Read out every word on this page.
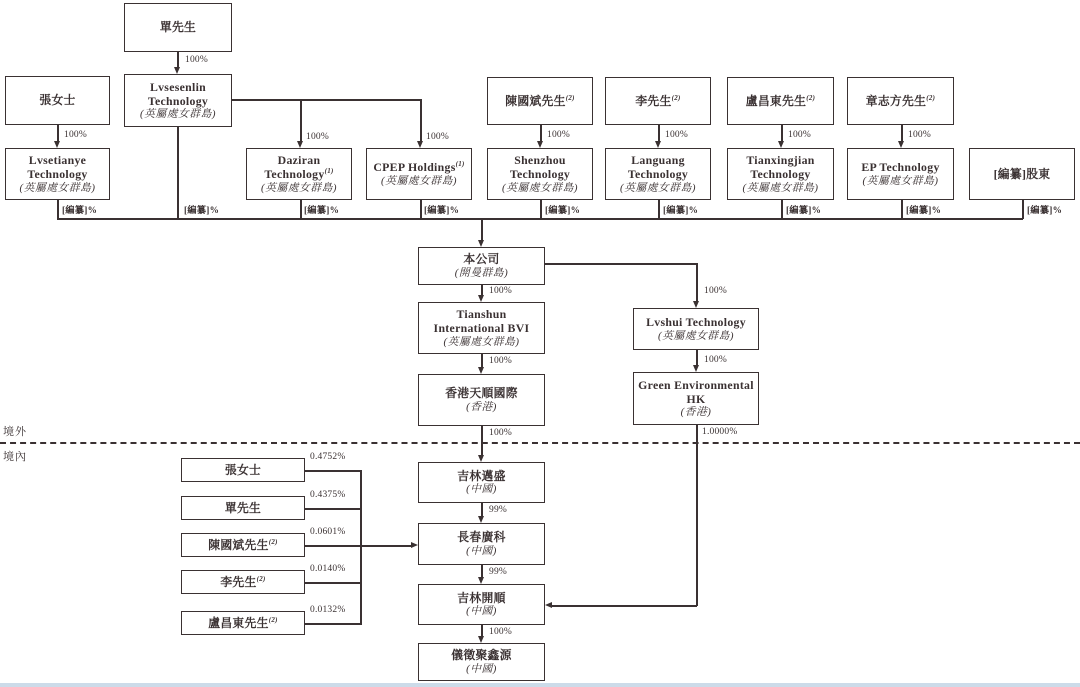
單先生
張女士
Lvsesenlin Technology
(英屬處女群島)
陳國斌先生$^{(2)}$	李先生$^{(2)}$	盧昌東先生$^{(2)}$	章志方先生$^{(2)}$
Lvsetianye Technology
(英屬處女群島)
Daziran Technology$^{(1)}$
(英屬處女群島)
CPEP Holdings$^{(1)}$
(英屬處女群島)
Shenzhou Technology
(英屬處女群島)
Languang Technology
(英屬處女群島)
Tianxingjian Technology
(英屬處女群島)
EP Technology
(英屬處女群島)	[編纂]股東
本公司
(開曼群島)
Tianshun International BVI
(英屬處女群島)
香港天順國際
(香港)
Lvshui Technology
(英屬處女群島)
Green Environmental HK
(香港)
吉林邁盛
(中國)
長春廣科
(中國)
吉林開順
(中國)
儀徵聚鑫源
(中國)
張女士
單先生
陳國斌先生$^{(2)}$
李先生$^{(2)}$
盧昌東先生$^{(2)}$
100%
100%	100%	100%	100%	100%	100%	100%
[編纂]%	[編纂]%	[編纂]%	[編纂]%	[編纂]%	[編纂]%	[編纂]%	[編纂]%	[編纂]%
100%
100%
100%
99%
99%
100%
100%
100%
1.0000%
0.4752%
0.4375%
0.0601%
0.0140%
0.0132%
境外
境內
